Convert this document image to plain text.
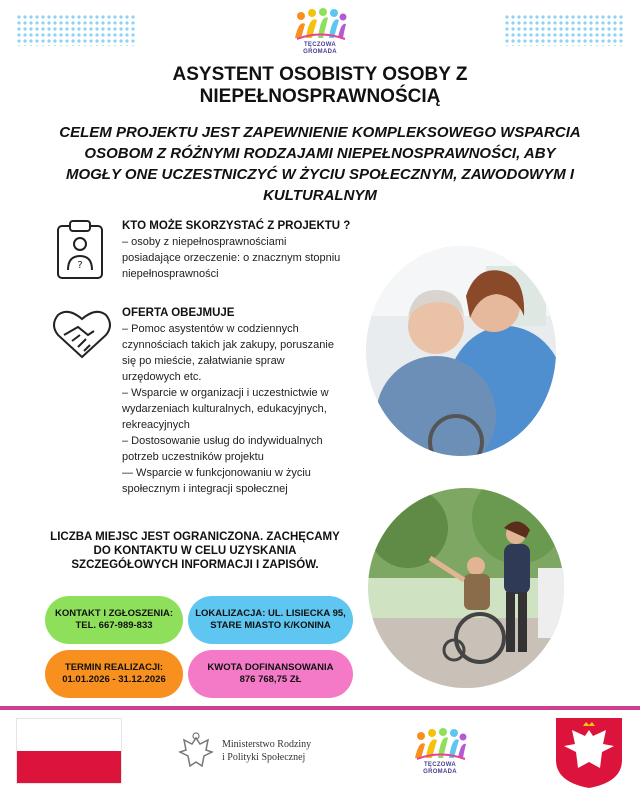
TĘCZOWA
GROMADA
ASYSTENT OSOBISTY OSOBY Z
NIEPEŁNOSPRAWNOŚCIĄ
CELEM PROJEKTU JEST ZAPEWNIENIE KOMPLEKSOWEGO WSPARCIA
OSOBOM Z RÓŻNYMI RODZAJAMI NIEPEŁNOSPRAWNOŚCI, ABY
MOGŁY ONE UCZESTNICZYĆ W ŻYCIU SPOŁECZNYM, ZAWODOWYM I
KULTURALNYM
?
KTO MOŻE SKORZYSTAĆ Z PROJEKTU ?
– osoby z niepełnosprawnościami
posiadające orzeczenie: o znacznym stopniu
niepełnosprawności
OFERTA OBEJMUJE
– Pomoc asystentów w codziennych
czynnościach takich jak zakupy, poruszanie
się po mieście, załatwianie spraw
urzędowych etc.
– Wsparcie w organizacji i uczestnictwie w
wydarzeniach kulturalnych, edukacyjnych,
rekreacyjnych
– Dostosowanie usług do indywidualnych
potrzeb uczestników projektu
— Wsparcie w funkcjonowaniu w życiu
społecznym i integracji społecznej
LICZBA MIEJSC JEST OGRANICZONA. ZACHĘCAMY
DO KONTAKTU W CELU UZYSKANIA
SZCZEGÓŁOWYCH INFORMACJI I ZAPISÓW.
KONTAKT I ZGŁOSZENIA:
TEL. 667-989-833
LOKALIZACJA: UL. LISIECKA 95,
STARE MIASTO K/KONINA
TERMIN REALIZACJI:
01.01.2026 - 31.12.2026
KWOTA DOFINANSOWANIA
876 768,75 ZŁ
Ministerstwo Rodziny
i Polityki Społecznej
TĘCZOWA
GROMADA
